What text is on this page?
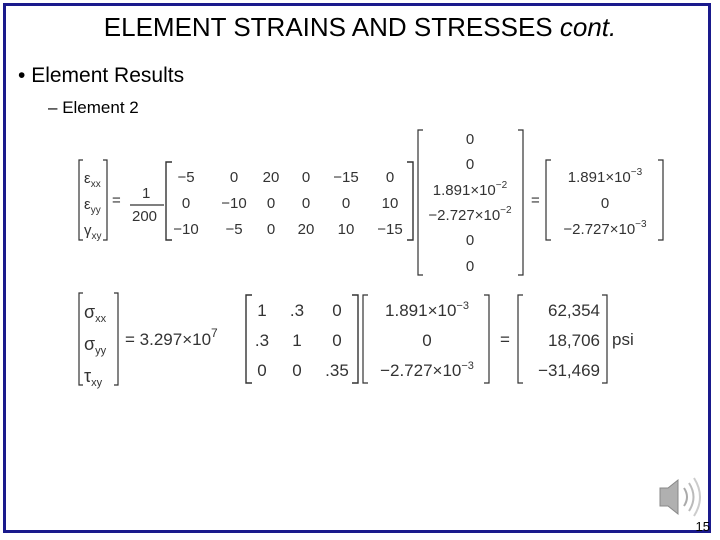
ELEMENT STRAINS AND STRESSES cont.
• Element Results
– Element 2
$\varepsilon_{xx}$
$\varepsilon_{yy}$
$\gamma_{xy}$
= 1
200
−5 0 20 0 −15 0
0 −10 0 0 0 10
−10 −5 0 20 10 −15
0
0
$1.891\times 10^{-2}$
$-2.727\times 10^{-2}$
0
0
=
$1.891\times 10^{-3}$
0
$-2.727\times 10^{-3}$
$\sigma_{xx}$
$\sigma_{yy}$
$\tau_{xy}$
= $3.297\times 10^7$
1 .3 0
.3 1 0
0 0 .35
$1.891\times 10^{-3}$
0
$-2.727\times 10^{-3}$
=
62,354
18,706
−31,469
psi
15
